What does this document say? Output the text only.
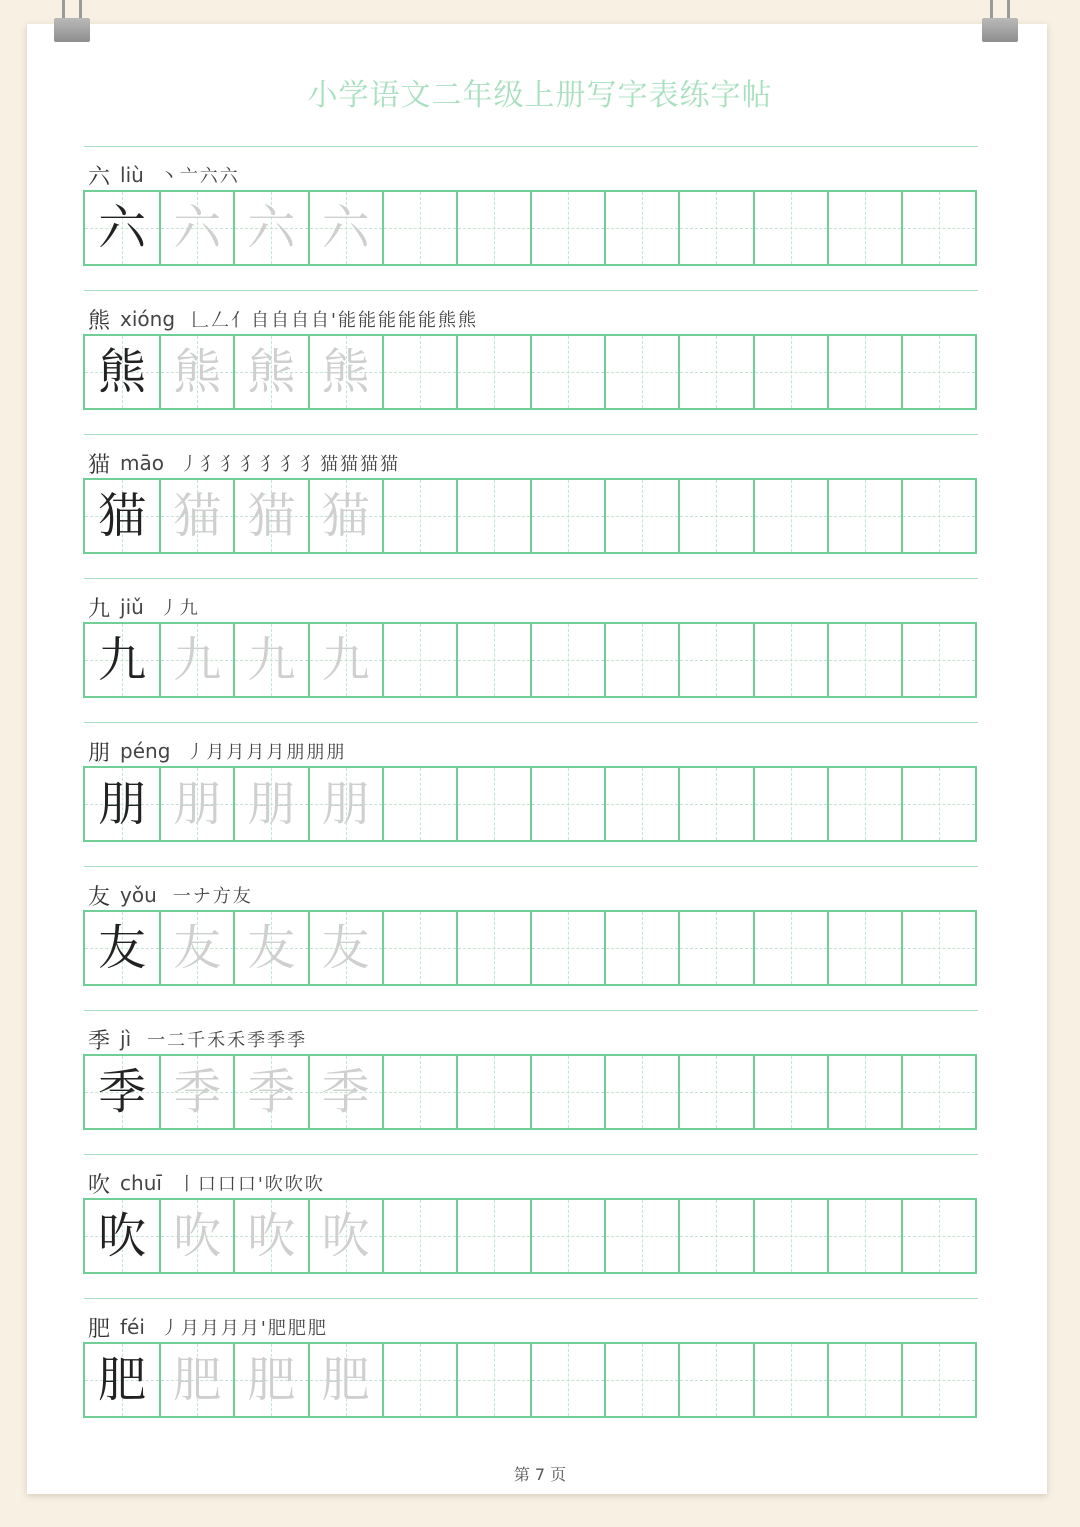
小学语文二年级上册写字表练字帖
六 liù 丶亠六六
六 六 六 六
熊 xióng 𠃊𠃋亻自自自自'能能能能能熊熊
熊 熊 熊 熊
猫 māo 丿犭犭犭犭犭犭猫猫猫猫
猫 猫 猫 猫
九 jiǔ 丿九
九 九 九 九
朋 péng 丿月月月月朋朋朋
朋 朋 朋 朋
友 yǒu 一ナ方友
友 友 友 友
季 jì 一二千禾禾季季季
季 季 季 季
吹 chuī 丨口口口'吹吹吹
吹 吹 吹 吹
肥 féi 丿月月月月'肥肥肥
肥 肥 肥 肥
第 7 页
